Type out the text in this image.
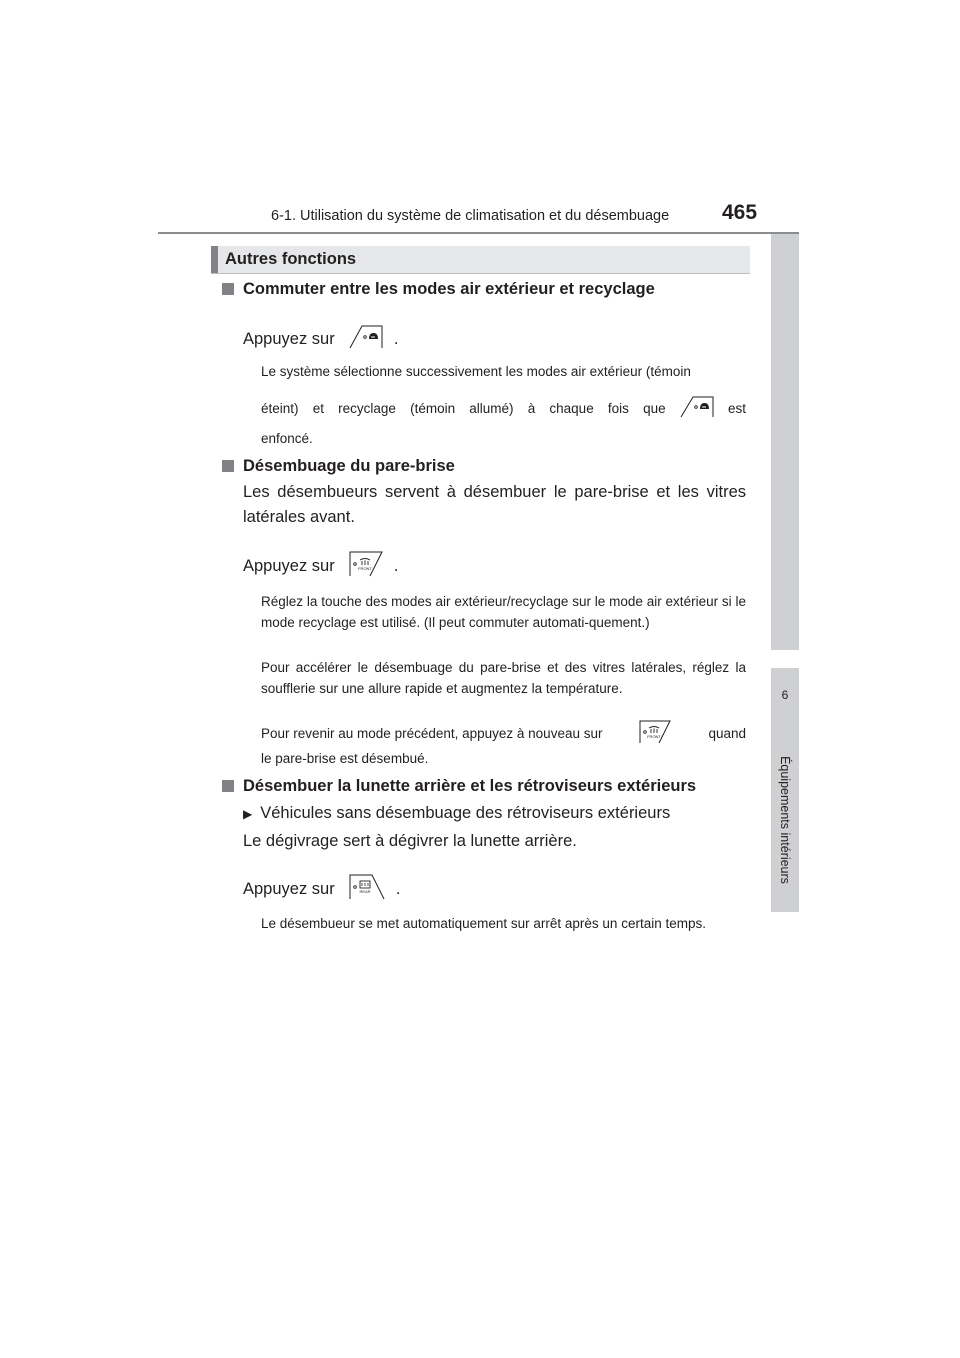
6-1. Utilisation du système de climatisation et du désembuage	465
6
Équipements intérieurs
Autres fonctions
Commuter entre les modes air extérieur et recyclage
Appuyez sur	.
Le système sélectionne successivement les modes air extérieur (témoin
éteint) et recyclage (témoin allumé) à chaque fois que	est
enfoncé.
Désembuage du pare-brise
Les désembueurs servent à désembuer le pare-brise et les vitres latérales avant.
Appuyez sur	FRONT .
Réglez la touche des modes air extérieur/recyclage sur le mode air extérieur si le mode recyclage est utilisé. (Il peut commuter automati-quement.)
Pour accélérer le désembuage du pare-brise et des vitres latérales, réglez la soufflerie sur une allure rapide et augmentez la température.
Pour revenir au mode précédent, appuyez à nouveau sur	FRONT	quand
le pare-brise est désembué.
Désembuer la lunette arrière et les rétroviseurs extérieurs
▶ Véhicules sans désembuage des rétroviseurs extérieurs
Le dégivrage sert à dégivrer la lunette arrière.
Appuyez sur	REAR .
Le désembueur se met automatiquement sur arrêt après un certain temps.
